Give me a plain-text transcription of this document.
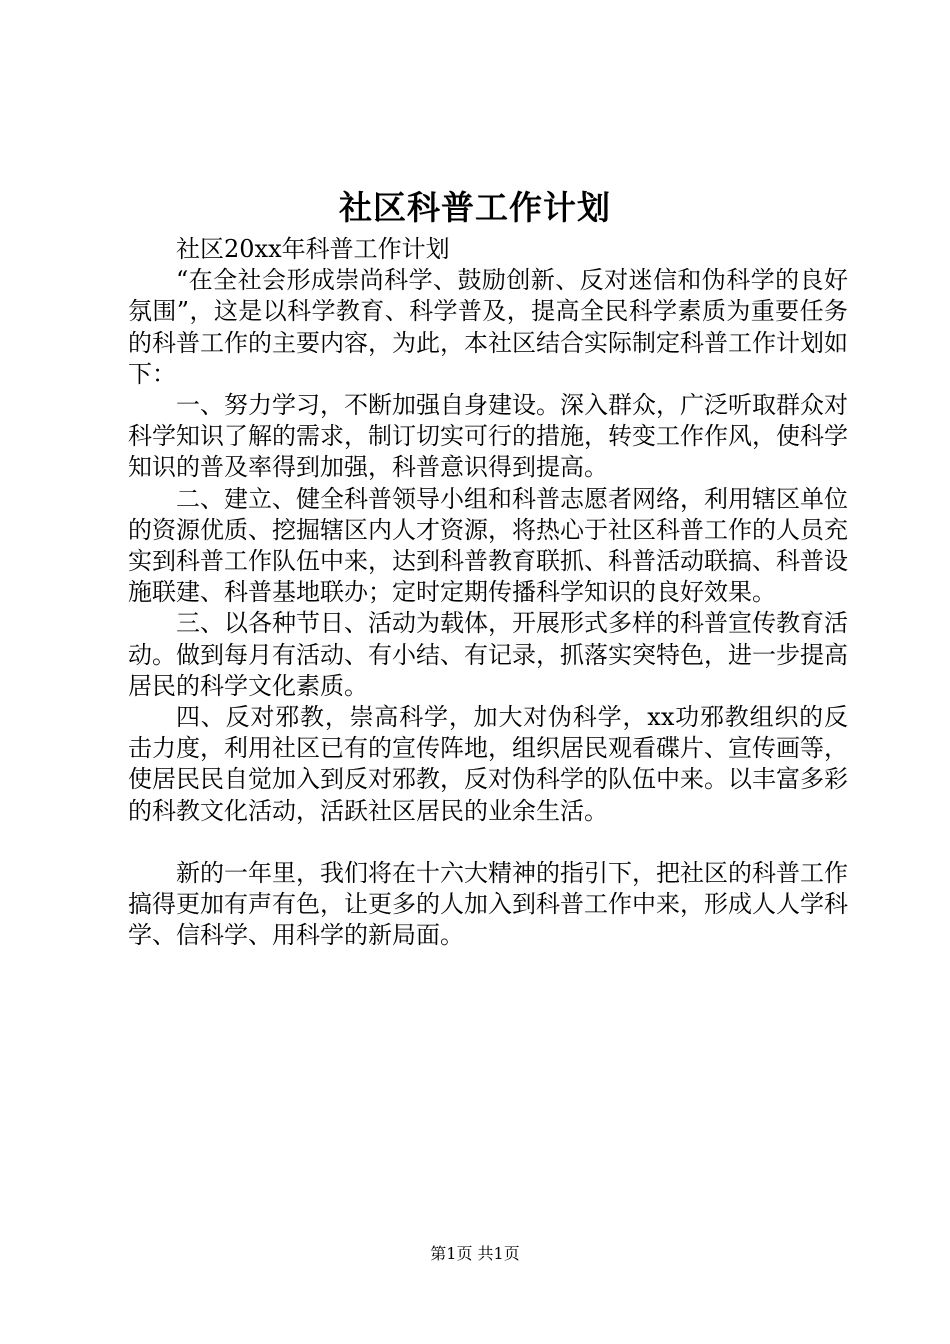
社区科普工作计划

社区20xx年科普工作计划

“在全社会形成崇尚科学、鼓励创新、反对迷信和伪科学的良好氛围”，这是以科学教育、科学普及，提高全民科学素质为重要任务的科普工作的主要内容，为此，本社区结合实际制定科普工作计划如下：

一、努力学习，不断加强自身建设。深入群众，广泛听取群众对科学知识了解的需求，制订切实可行的措施，转变工作作风，使科学知识的普及率得到加强，科普意识得到提高。

二、建立、健全科普领导小组和科普志愿者网络，利用辖区单位的资源优质、挖掘辖区内人才资源，将热心于社区科普工作的人员充实到科普工作队伍中来，达到科普教育联抓、科普活动联搞、科普设施联建、科普基地联办；定时定期传播科学知识的良好效果。

三、以各种节日、活动为载体，开展形式多样的科普宣传教育活动。做到每月有活动、有小结、有记录，抓落实突特色，进一步提高居民的科学文化素质。

四、反对邪教，崇高科学，加大对伪科学，xx功邪教组织的反击力度，利用社区已有的宣传阵地，组织居民观看碟片、宣传画等，使居民民自觉加入到反对邪教，反对伪科学的队伍中来。以丰富多彩的科教文化活动，活跃社区居民的业余生活。

新的一年里，我们将在十六大精神的指引下，把社区的科普工作搞得更加有声有色，让更多的人加入到科普工作中来，形成人人学科学、信科学、用科学的新局面。

第1页 共1页
